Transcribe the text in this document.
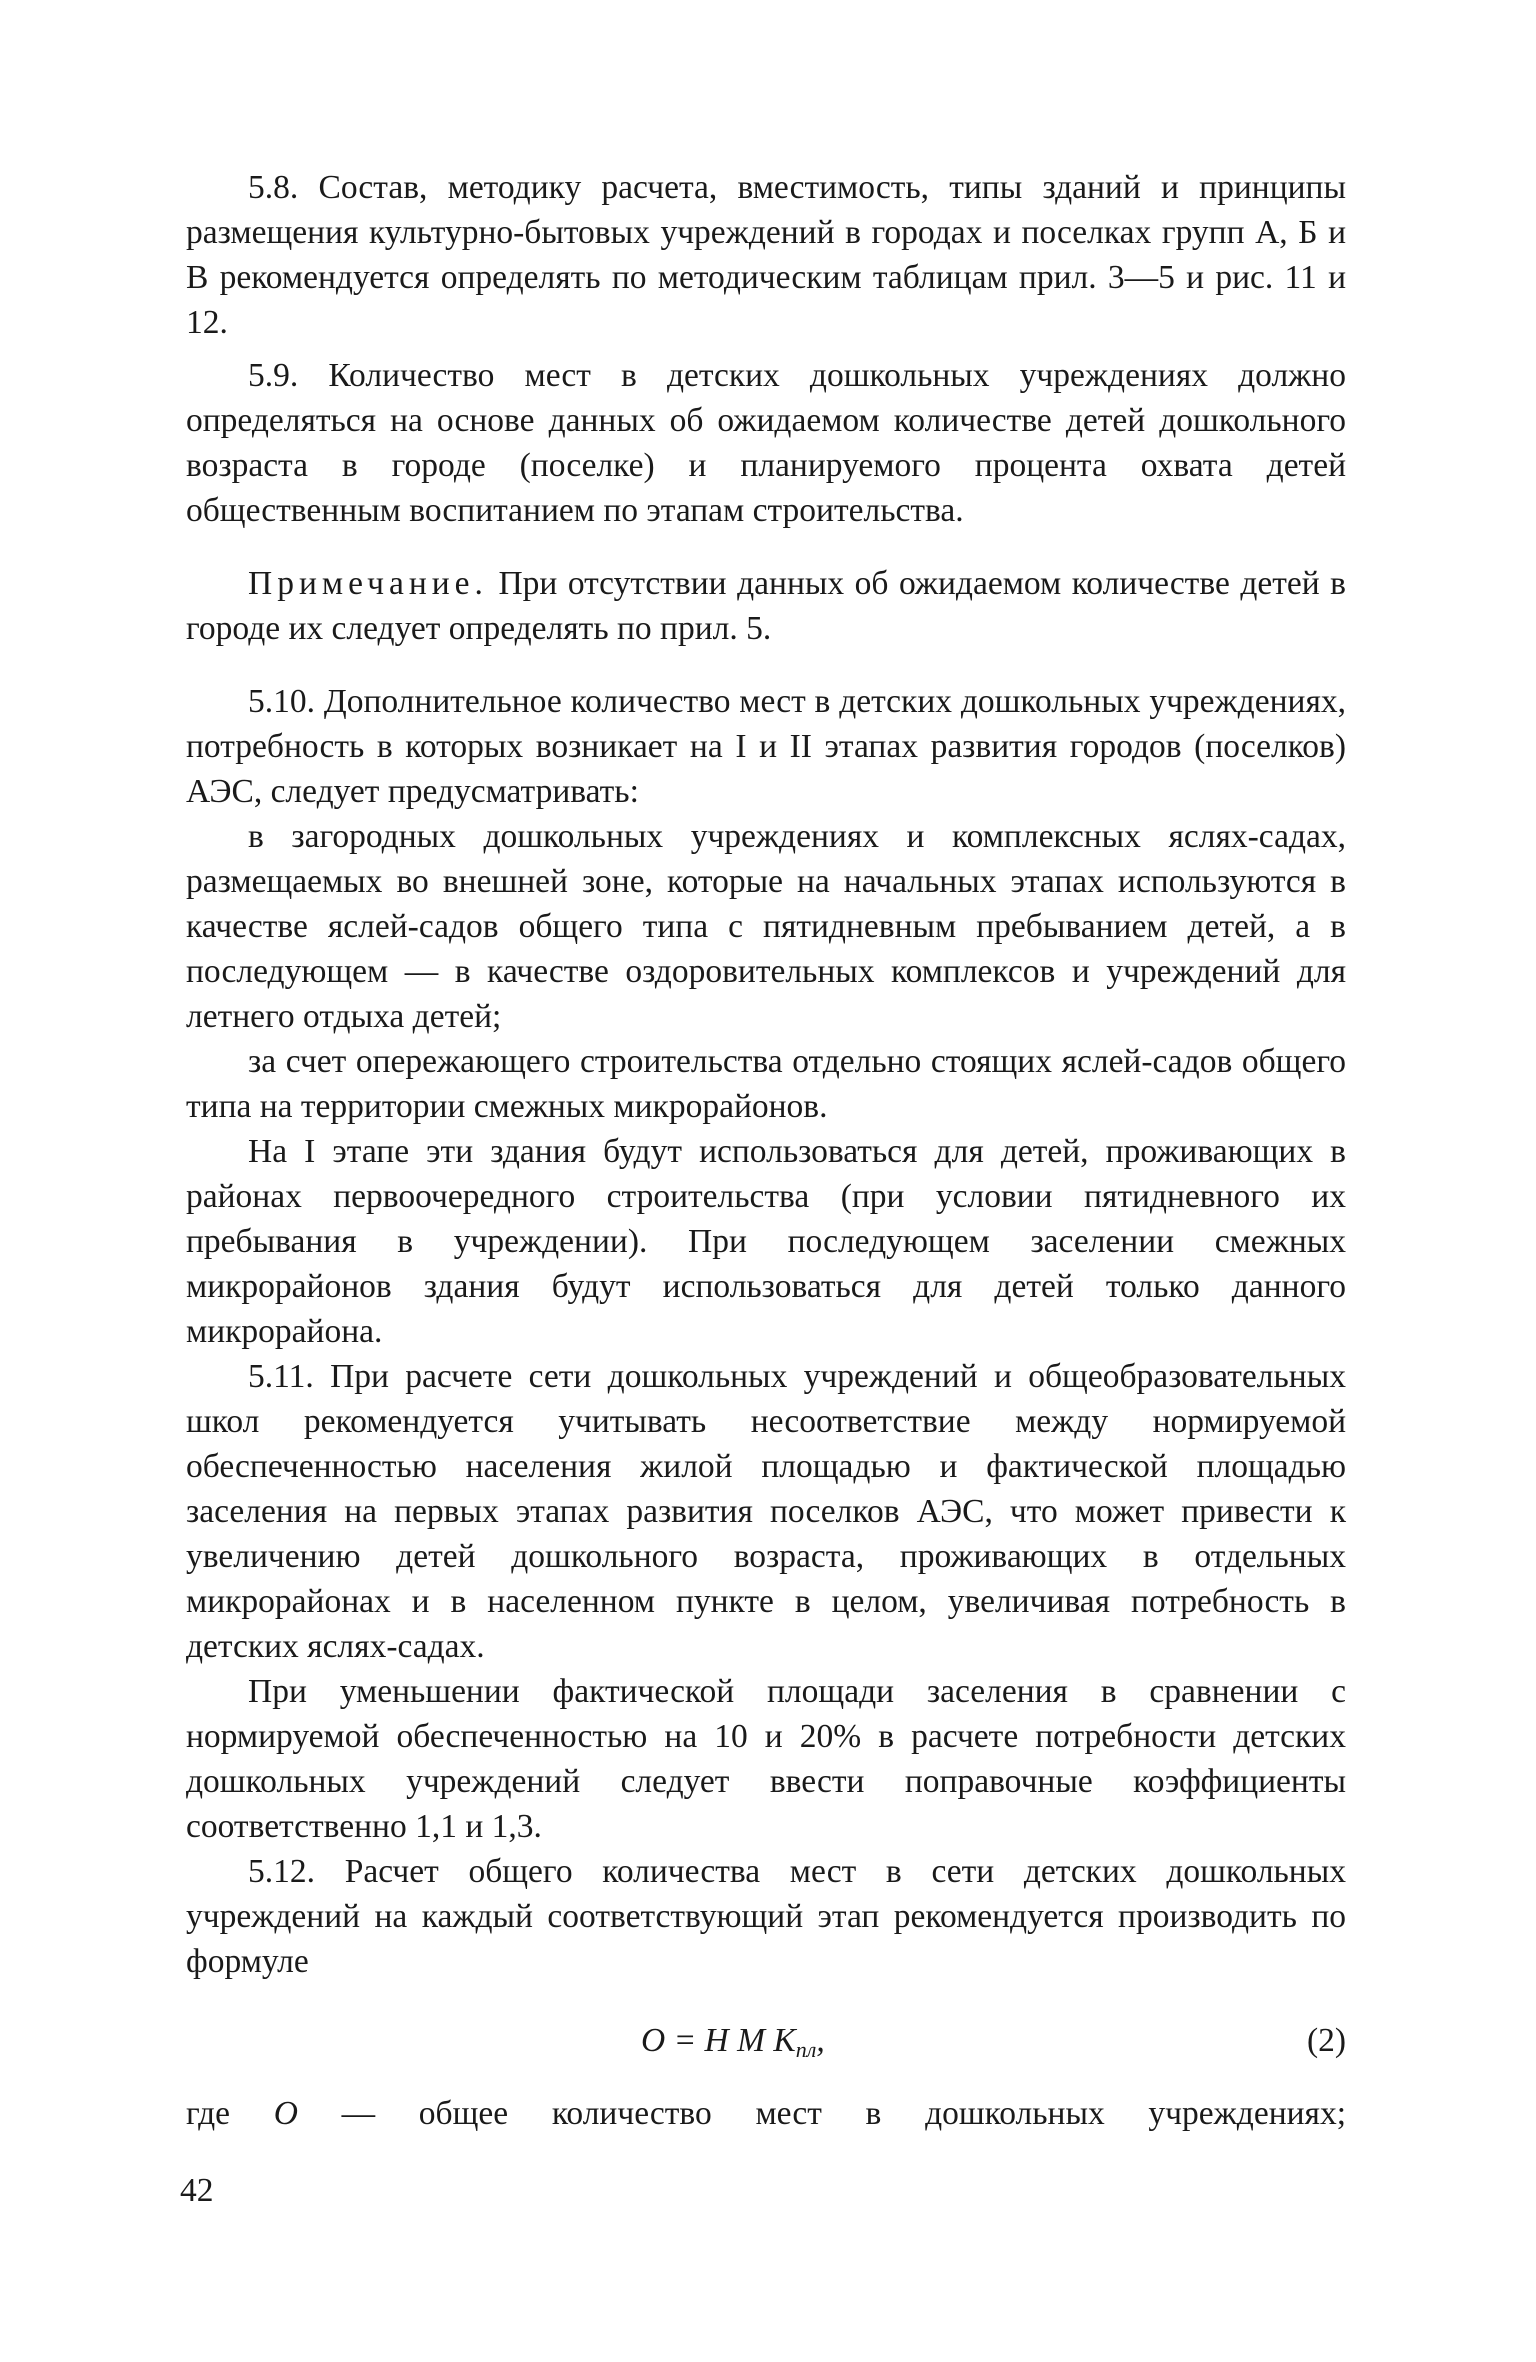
5.8. Состав, методику расчета, вместимость, типы зданий и принципы размещения культурно-бытовых учреждений в городах и поселках групп А, Б и В рекомендуется определять по методическим таблицам прил. 3—5 и рис. 11 и 12.

5.9. Количество мест в детских дошкольных учреждениях должно определяться на основе данных об ожидаемом количестве детей дошкольного возраста в городе (поселке) и планируемого процента охвата детей общественным воспитанием по этапам строительства.

Примечание. При отсутствии данных об ожидаемом количестве детей в городе их следует определять по прил. 5.

5.10. Дополнительное количество мест в детских дошкольных учреждениях, потребность в которых возникает на I и II этапах развития городов (поселков) АЭС, следует предусматривать:

в загородных дошкольных учреждениях и комплексных яслях-садах, размещаемых во внешней зоне, которые на начальных этапах используются в качестве яслей-садов общего типа с пятидневным пребыванием детей, а в последующем — в качестве оздоровительных комплексов и учреждений для летнего отдыха детей;

за счет опережающего строительства отдельно стоящих яслей-садов общего типа на территории смежных микрорайонов.

На I этапе эти здания будут использоваться для детей, проживающих в районах первоочередного строительства (при условии пятидневного их пребывания в учреждении). При последующем заселении смежных микрорайонов здания будут использоваться для детей только данного микрорайона.

5.11. При расчете сети дошкольных учреждений и общеобразовательных школ рекомендуется учитывать несоответствие между нормируемой обеспеченностью населения жилой площадью и фактической площадью заселения на первых этапах развития поселков АЭС, что может привести к увеличению детей дошкольного возраста, проживающих в отдельных микрорайонах и в населенном пункте в целом, увеличивая потребность в детских яслях-садах.

При уменьшении фактической площади заселения в сравнении с нормируемой обеспеченностью на 10 и 20% в расчете потребности детских дошкольных учреждений следует ввести поправочные коэффициенты соответственно 1,1 и 1,3.

5.12. Расчет общего количества мест в сети детских дошкольных учреждений на каждый соответствующий этап рекомендуется производить по формуле

O = H M $K_{пл}$,	(2)
где O — общее количество мест в дошкольных учреждениях;
42
